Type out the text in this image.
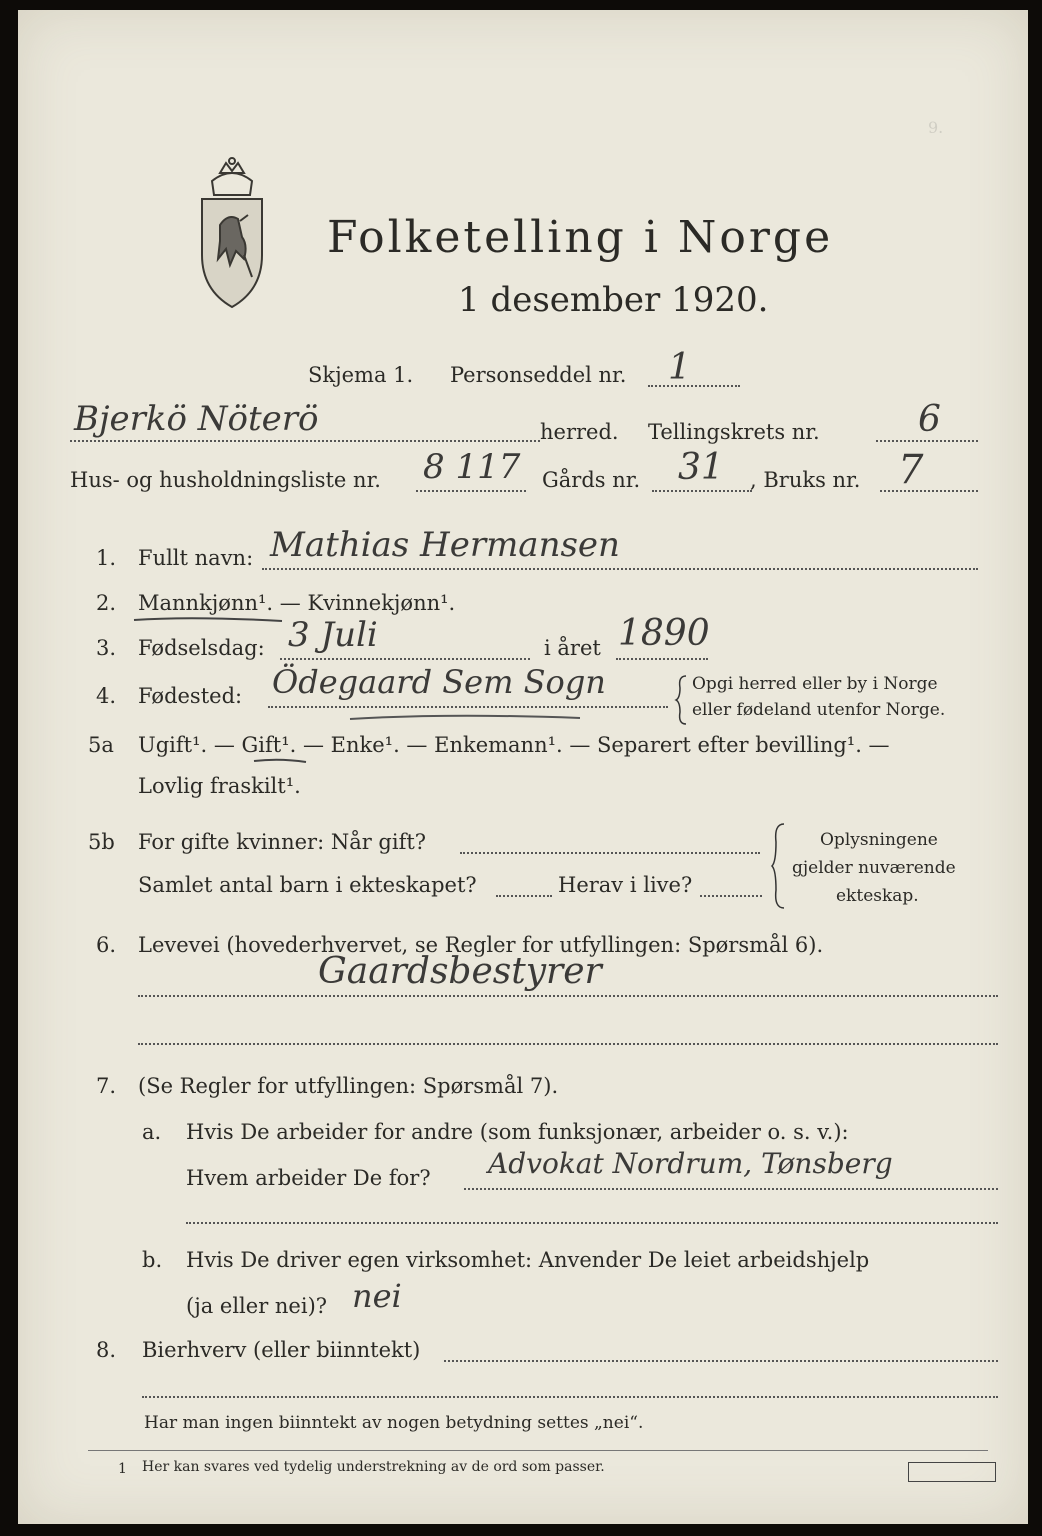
9.
Folketelling i Norge
1 desember 1920.
Skjema 1. Personseddel nr. 1
Bjerkö Nöterö	herred. Tellingskrets nr.	6
Hus- og husholdningsliste nr. 8 117 Gårds nr. 31 , Bruks nr. 7
1. Fullt navn: Mathias Hermansen
2. Mannkjønn¹. — Kvinnekjønn¹.
3. Fødselsdag: 3 Juli	i året 1890
4. Fødested: Ödegaard Sem Sogn	Opgi herred eller by i Norge
eller fødeland utenfor Norge.
5a Ugift¹. — Gift¹. — Enke¹. — Enkemann¹. — Separert efter bevilling¹. —
Lovlig fraskilt¹.
5b For gifte kvinner: Når gift?
Samlet antal barn i ekteskapet?	Herav i live?
Oplysningene
gjelder nuværende
ekteskap.
6. Levevei (hovederhvervet, se Regler for utfyllingen: Spørsmål 6).
Gaardsbestyrer
7. (Se Regler for utfyllingen: Spørsmål 7).
a. Hvis De arbeider for andre (som funksjonær, arbeider o. s. v.):
Hvem arbeider De for? Advokat Nordrum, Tønsberg
b. Hvis De driver egen virksomhet: Anvender De leiet arbeidshjelp
(ja eller nei)? nei
8. Bierhverv (eller biinntekt)
Har man ingen biinntekt av nogen betydning settes „nei“.
1 Her kan svares ved tydelig understrekning av de ord som passer.
